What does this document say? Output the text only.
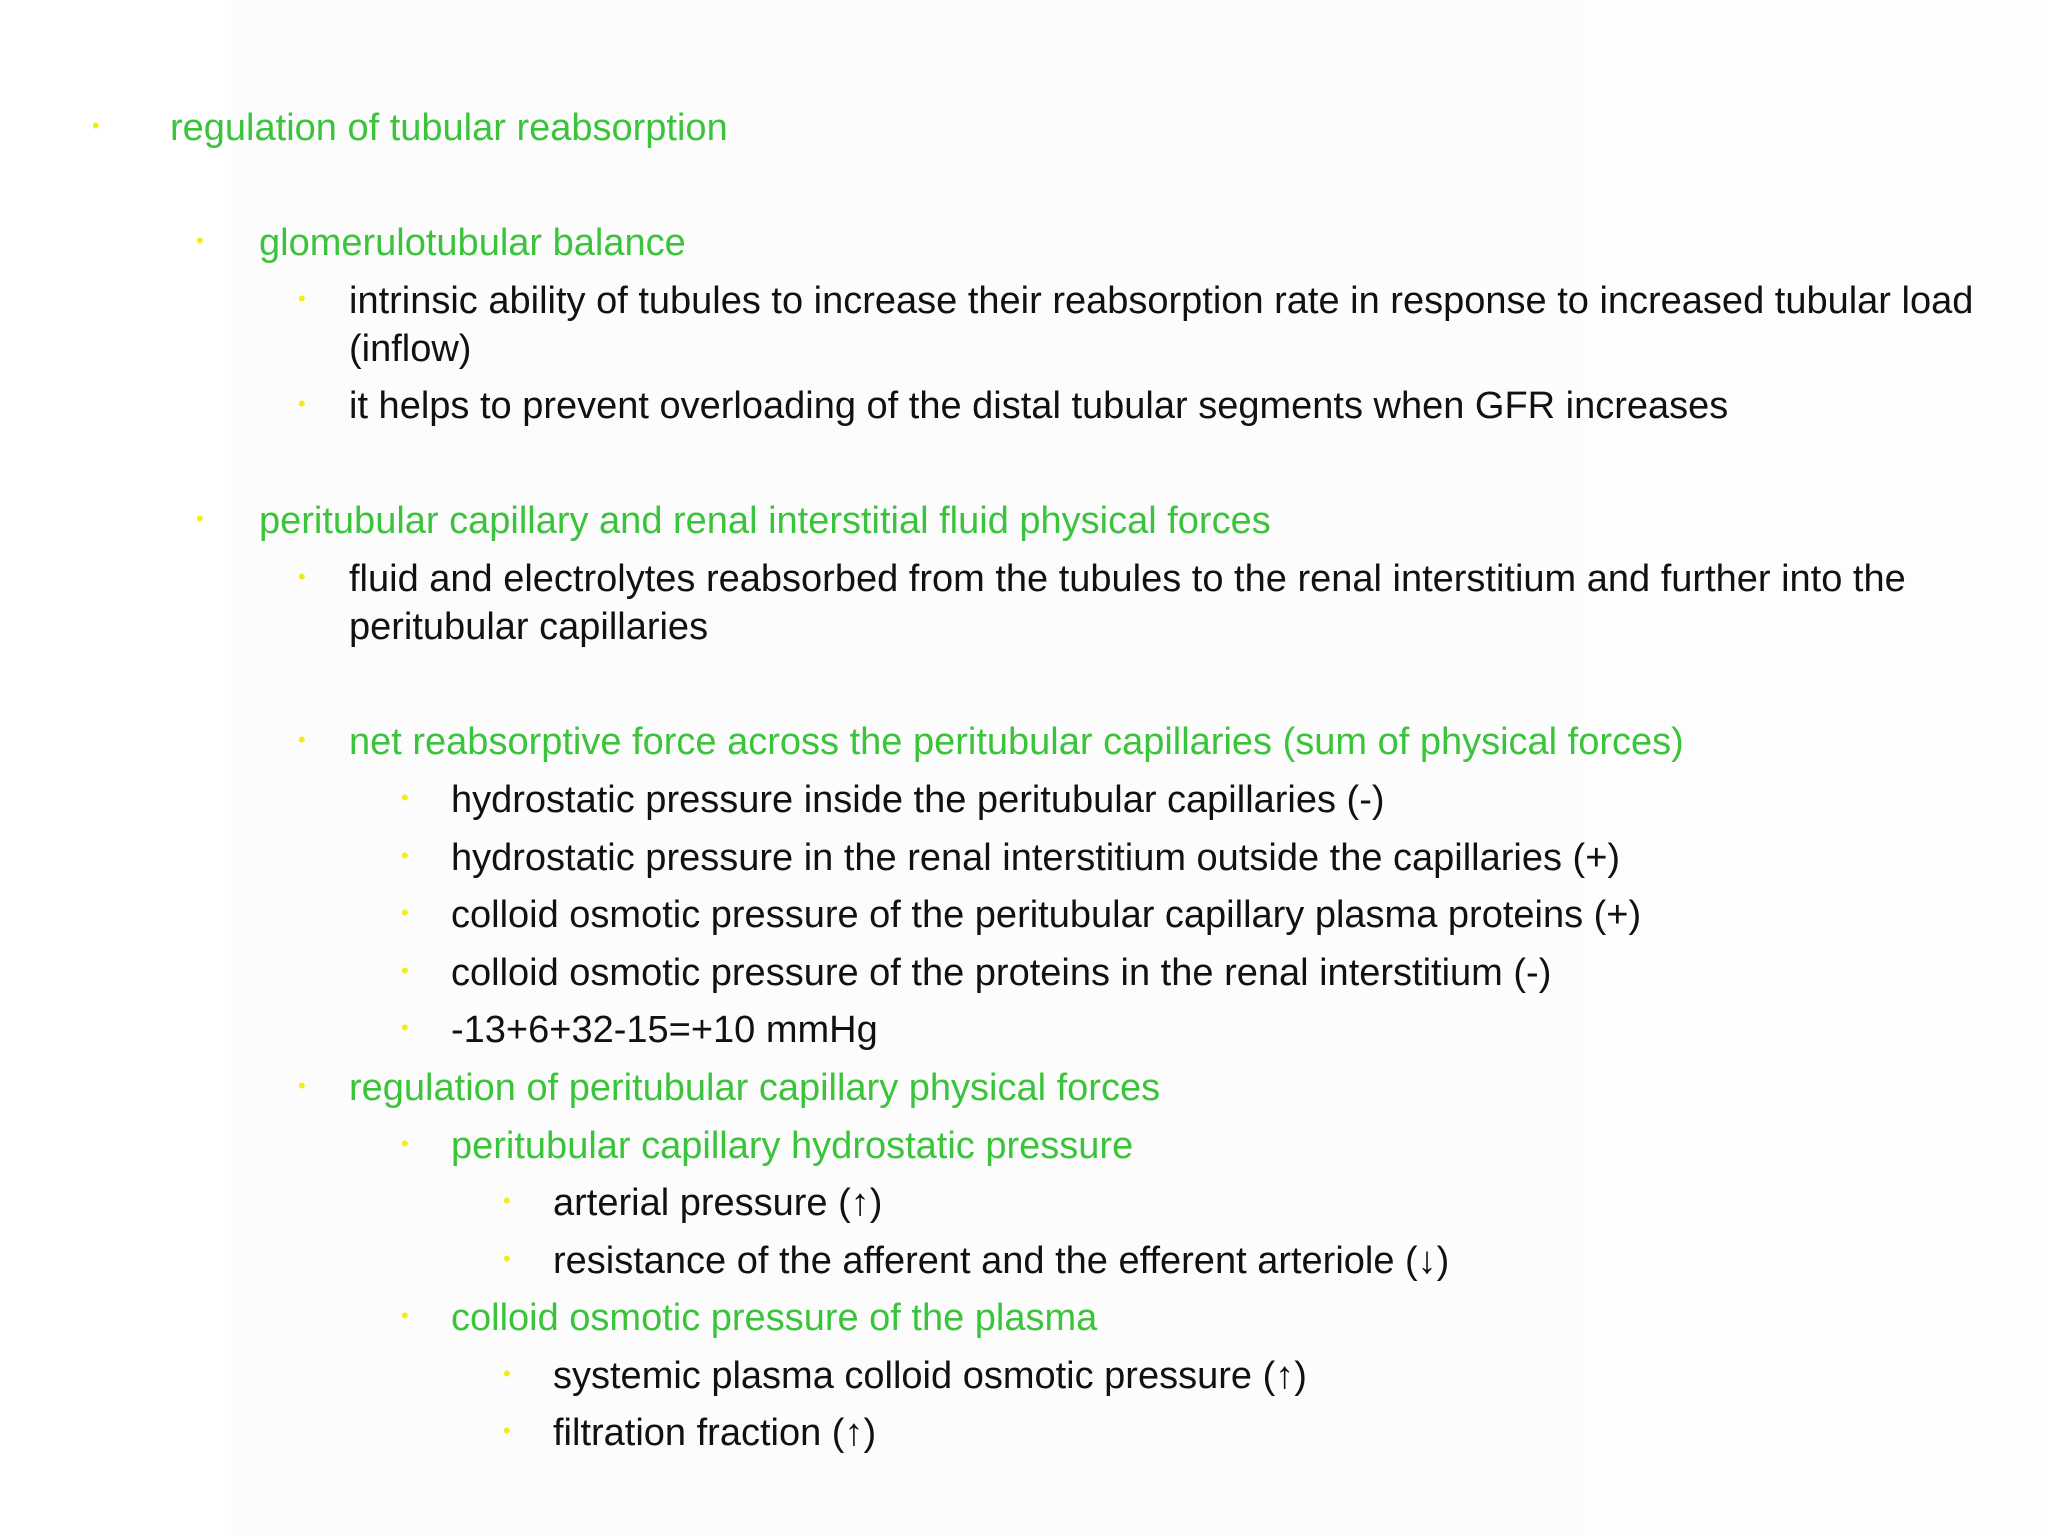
• regulation of tubular reabsorption
• glomerulotubular balance
• intrinsic ability of tubules to increase their reabsorption rate in response to increased tubular load (inflow)
• it helps to prevent overloading of the distal tubular segments when GFR increases
• peritubular capillary and renal interstitial fluid physical forces
• fluid and electrolytes reabsorbed from the tubules to the renal interstitium and further into the peritubular capillaries
• net reabsorptive force across the peritubular capillaries (sum of physical forces)
• hydrostatic pressure inside the peritubular capillaries (-)
• hydrostatic pressure in the renal interstitium outside the capillaries (+)
• colloid osmotic pressure of the peritubular capillary plasma proteins (+)
• colloid osmotic pressure of the proteins in the renal interstitium (-)
• -13+6+32-15=+10 mmHg
• regulation of peritubular capillary physical forces
• peritubular capillary hydrostatic pressure
• arterial pressure (↑)
• resistance of the afferent and the efferent arteriole (↓)
• colloid osmotic pressure of the plasma
• systemic plasma colloid osmotic pressure (↑)
• filtration fraction (↑)
